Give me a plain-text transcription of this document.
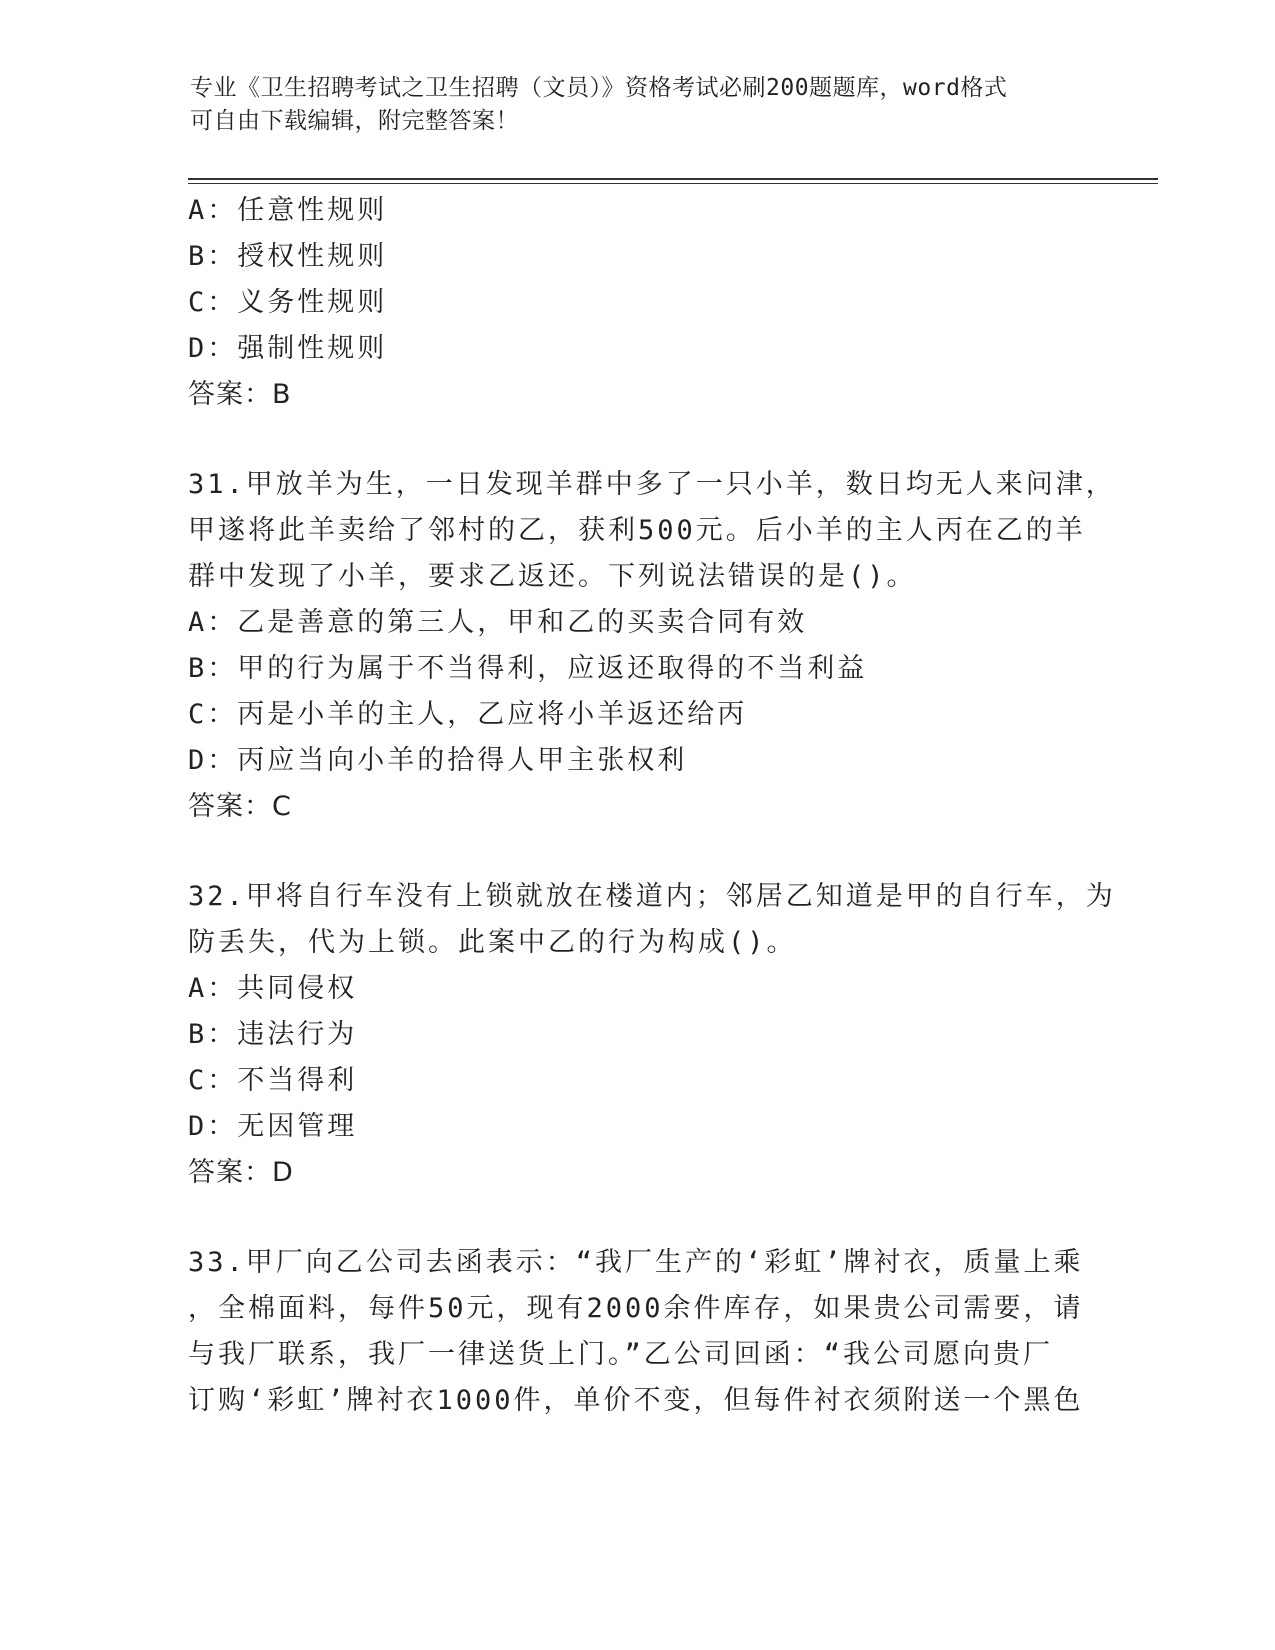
专业《卫生招聘考试之卫生招聘（文员）》资格考试必刷200题题库，word格式
可自由下载编辑，附完整答案！
A：任意性规则
B：授权性规则
C：义务性规则
D：强制性规则
答案：B
31.甲放羊为生，一日发现羊群中多了一只小羊，数日均无人来问津，
甲遂将此羊卖给了邻村的乙，获利500元。后小羊的主人丙在乙的羊
群中发现了小羊，要求乙返还。下列说法错误的是()。
A：乙是善意的第三人，甲和乙的买卖合同有效
B：甲的行为属于不当得利，应返还取得的不当利益
C：丙是小羊的主人，乙应将小羊返还给丙
D：丙应当向小羊的拾得人甲主张权利
答案：C
32.甲将自行车没有上锁就放在楼道内；邻居乙知道是甲的自行车，为
防丢失，代为上锁。此案中乙的行为构成()。
A：共同侵权
B：违法行为
C：不当得利
D：无因管理
答案：D
33.甲厂向乙公司去函表示：“我厂生产的‘彩虹’牌衬衣，质量上乘
，全棉面料，每件50元，现有2000余件库存，如果贵公司需要，请
与我厂联系，我厂一律送货上门。”乙公司回函：“我公司愿向贵厂
订购‘彩虹’牌衬衣1000件，单价不变，但每件衬衣须附送一个黑色
